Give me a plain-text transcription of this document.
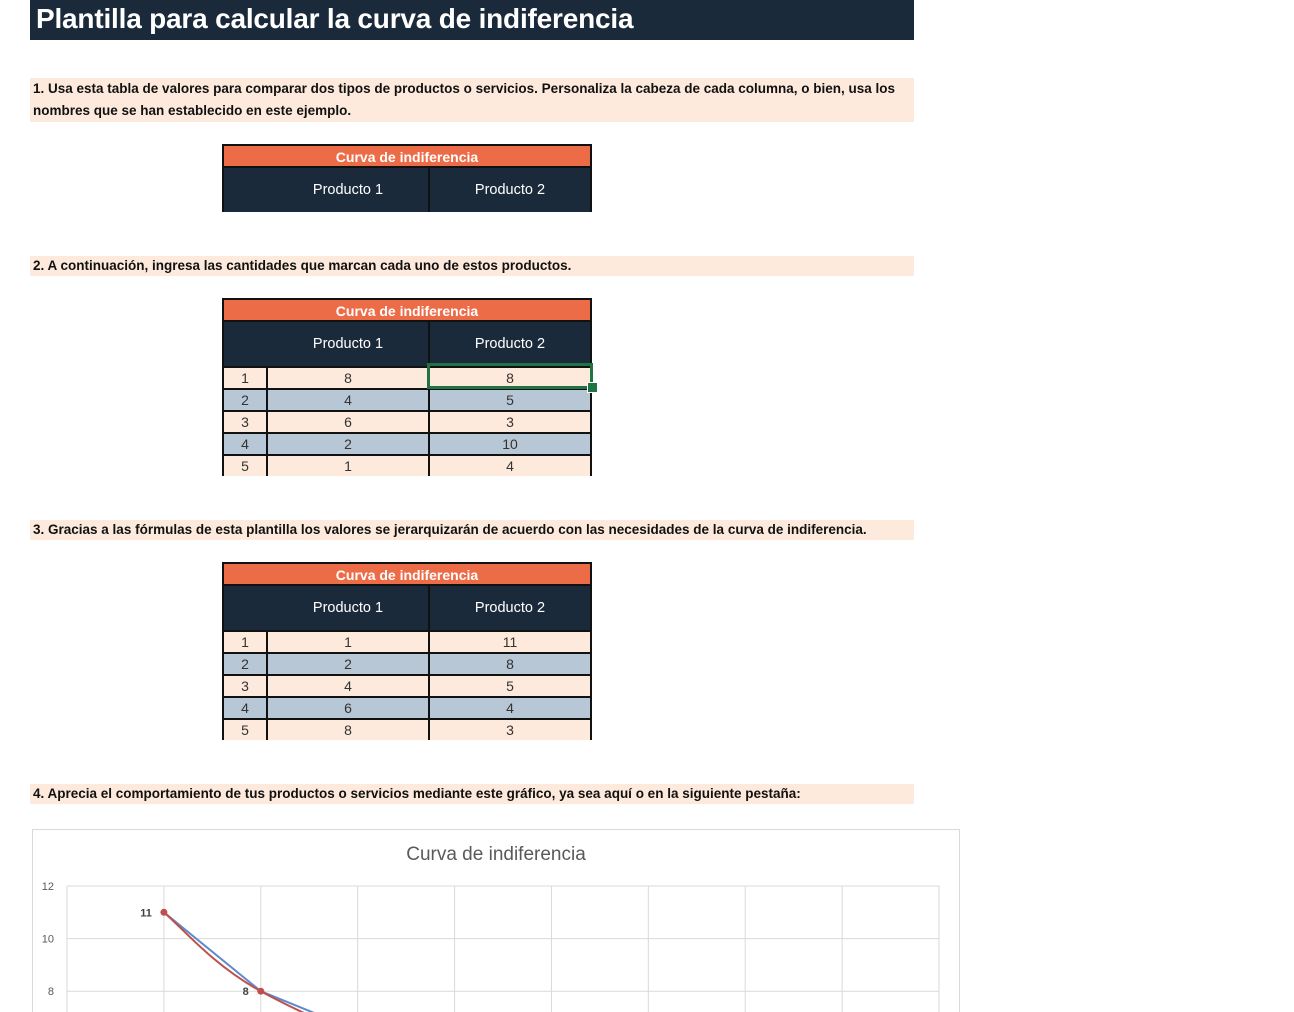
Plantilla para calcular la curva de indiferencia
1. Usa esta tabla de valores para comparar dos tipos de productos o servicios. Personaliza la cabeza de cada columna, o bien, usa los nombres que se han establecido en este ejemplo.
Curva de indiferencia
Producto 1	Producto 2
2. A continuación, ingresa las cantidades que marcan cada uno de estos productos.
Curva de indiferencia
Producto 1	Producto 2
1	8	8
2	4	5
3	6	3
4	2	10
5	1	4
3. Gracias a las fórmulas de esta plantilla los valores se jerarquizarán de acuerdo con las necesidades de la curva de indiferencia.
Curva de indiferencia
Producto 1	Producto 2
1	1	11
2	2	8
3	4	5
4	6	4
5	8	3
4. Aprecia el comportamiento de tus productos o servicios mediante este gráfico, ya sea aquí o en la siguiente pestaña:
Curva de indiferencia
12
10
8
11
8
